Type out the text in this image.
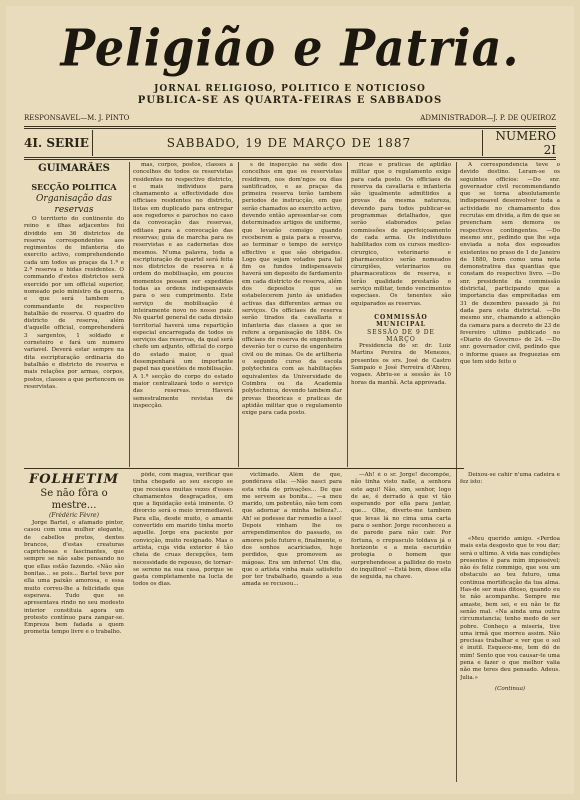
Peligião e Patria.
JORNAL RELIGIOSO, POLITICO E NOTICIOSO
PUBLICA-SE AS QUARTA-FEIRAS E SABBADOS
RESPONSAVEL—M. J. PINTO	ADMINISTRADOR—J. P. DE QUEIROZ
4I. SERIE	SABBADO, 19 DE MARÇO DE 1887	NUMERO 2I
GUIMARÃES
SECÇÃO POLITICA
Organisação das reservas

O territorio do continente do reino e ilhas adjacentes foi dividido em 36 districtos de reserva correspondentes aos regimentos de infanteria do exercito activo, comprehendendo cada um todos as praças da 1.ª e 2.ª reserva e hidas residentes. O commando d'estes districtos será exercido por um official superior, nomeado pelo ministro da guerra, e que será tambem o commandante de respectivo batalhão de reserva. O quadro do districto de reserva, além d'aquelle official, comprehenderá 3 sargentos, 1 soldado e corneteiro e fará um numero variavel. Deverá estar sempre na dita escripturação ordinaria do batalhão e districto de reserva e mais relações por armas, corpos, postos, classes a que pertencem os reservistas.

mas, corpos, postos, classes a concelhos de todos os reservistas residentes no respectivo districto, e mais individuos para chamamento a effectividade dos officiaes residentes no districto, listas em duplicado para entregar aos regedores e parochos no caso da convocação das reservas, editaes para a convocação das reservas; guia de marcha para os reservistas e as cadernetas dos mesmos. N'uma palavra, toda a escripturação de quartel será feita nos districtos de reserva e á ordem do mobilisação, em poucos momentos possam ser expedidas todas as ordens indispensaveis para o seu cumprimento. Este serviço de mobilisação é inteiramente novo no nosso paiz. No quartel general de cada divisão territorial haverá uma repartição especial encarregada de todos os serviços das reservas, da qual será chefe um adjunto, official do corpo do estado maior, o qual desempenhará um importante papel nas questões de mobilisação. A 1.ª secção do corpo do estado maior centralizará todo o serviço das reservas. Haverá semestralmente revistas de inspecção.

s de inspecção na séde dos concelhos em que os reservistas residirem, nos dom'ngos ou dias santificados, e as praças da primeira reserva terão tambem periodos de instrucção, em que serão chamados ao exercito activo, devendo então apresentar-se com determinados artigos de uniforme, que levarão comsigo quando receberem a guia para a reserva, ao terminar o tempo de serviço effectivo e que são obrigados. Logo que sejam votados para tal fim os fundos indispensaveis haverá um deposito de fardamento em cada districto de reserva, além dos depositos que se estabelecerem junto ás unidades activas das differentes armas ou serviços. Os officiaes de reserva serão tirados da cavallaria e infanteria das classes a que se refere a organisação de 1884. Os officiaes de reserva de engenheria deverão ter o curso de engenheiro civil ou de minas. Os de artilheria o segundo curso da escola polytechnica com as habilitações equivalentes da Universidade de Coimbra ou da Academia polytechnica, devendo tambem dar provas theoricas e praticas de aptidão militar que o regulamento exige para cada posto.

ricas e praticas de aptidão militar que o regulamento exige para cada posto. Os officiaes de reserva da cavallaria e infanteria são igualmente admittidos a provas da mesma natureza, devendo para todos publicar-se programmas detalhados, que serão elaborados pelas commissões de aperfeiçoamento de cada arma. Os individuos habilitados com os cursos medico-cirurgico, veterinario e pharmaceutico serão nomeados cirurgiões, veterinarios ou pharmaceuticos de reserva, e terão qualidade prestarão o serviço militar, tendo vencimentos especiaes. Os tenentes são equiparados as reservas.

COMMISSÃO MUNICIPAL
SESSÃO DE 9 DE MARÇO

Presidencia do sr. dr. Luiz Martins Pereira de Menezes, presentes os srs. José de Castro Sampaio e José Ferreira d'Abreu, vogaes. Abriu-se a sessão ás 10 horas da manhã. Acta approvada.

A correspondencia teve o devido destino. Leram-se os seguintes officios: —Do snr. governador civil recommendando que se torna absolutamente indispensavel desenvolver toda a actividade no chamamento dos recrutas em divida, a fim de que se preencham sem demora os respectivos contingentes. —Do mesmo snr., pedindo que lhe seja enviada a nota dos esposados existentes no praso de 1 de Janeiro de 1880, bem como uma nota demonstrativa das quantias que constam do respectivo livro. —Do snr. presidente da commissão districtal, participando que a importancia das empreitadas em 31 de dezembro passado já foi dada para esta districtal. —Do mesmo snr., chamando a attenção da camara para a decreto de 23 de fevereiro ultimo publicado no «Diario do Governo» de 24. —Do snr. governador civil, pedindo que o informe quaes as freguezias em que tem sido feito o

FOLHETIM
Se não fôra o mestre...
(Frédéric Fèvre)

Jorge Bartel, o afamado pintor, casou com uma mulher elegante, de cabellos pretos, dentes brancos, d'estas creaturas caprichosas e fascinantes, que sempre se não sabe pensando no que ellas estão fazendo. «Não são bonitas... se pois... Bartel teve por ella uma paixão amorosa, e essa muito correu-lhe a felicidade que esperava. Tudo que se apresentava rindo no seu modesto interior constituia agora um protesto contínuo para zangar-se. Empreza bem fadada a quem prometia tempo livre e o trabalho.

pôde, com magua, verificar que tinha chegado ao seu escopo se que receiava muitas vezes d'esses chamamentos desgraçados, em que a liquidação está iminente. O divorcio será o meio irremediavel. Para ella, desde muito, o amante convertido em marido tinha morto aquelle. Jorge era paciente por convicção, muito resignado. Mas o artista, cuja vida exterior é tão cheia de cruas decepções, tem necessidade de repouso, de tornar-se sereno na sua casa, porque se gasta completamente na lucta de todos os dias.

victimado. Além de que, pondérava ella: —Não nasci para esta vida de privações... De que me servem as bonita... —a meu marido, um pobretão, não tem com que adornar a minha belleza?... Ah! se podesse dar remedio a isso! Depois vinham lhe os arrependimentos do passado, os amores pelo futuro e, finalmente, o dos sonhos acariciados, hoje perdidos, que promovem as mágoas. Era um inferno! Um dia, que o artista vinha mais satisfeito por ter trabalhado, quando a sua amada se recusou...

—Ah! é o sr. Jorge! decompõe, não tinha visto nalle, a senhora este aqui! Não, sim, senhor, logo de ae, é derrado á que vi tão esperando por ella para jantar, que... Olhe, diverte-me tambem que levas lá no cima uma carta para o senhor. Jorge reconheceu a de parede para não cair. Por fortuna, o crepusculo toldava já o horizonte e a meia escuridão protegia o homem que surprehendesse a pallidez do rosto do inquilino! —Está bem, disse ella de seguida, na chave.

Deixou-se cahir n'uma cadeira e fez isto:

«Meu querido amigo. «Perdoa mais esta desgosto que te vou dar; será o ultimo. A vida nas condições presentes é para mim impossivel; não és feliz commigo, que sou um obstaculo ao teu futuro, uma continua mortificação da tua alma. Has-de ser mais ditoso, quando eu te não acompanhe. Sempre me amaste, bem sei, e eu não te fiz senão mal. «Na ainda uma outra circumstancia; tenho medo de ser pobre. Conheço a miseria, tive uma irmã que morreu assim. Não precisas trabalhar e ver que o sol é inutil. Esquece-me, tem dó de mim! Sento que vou causar-te uma pena e fazer o que melhor valia não me teres deu pensado. Adeus. Julia.»

(Continua)
